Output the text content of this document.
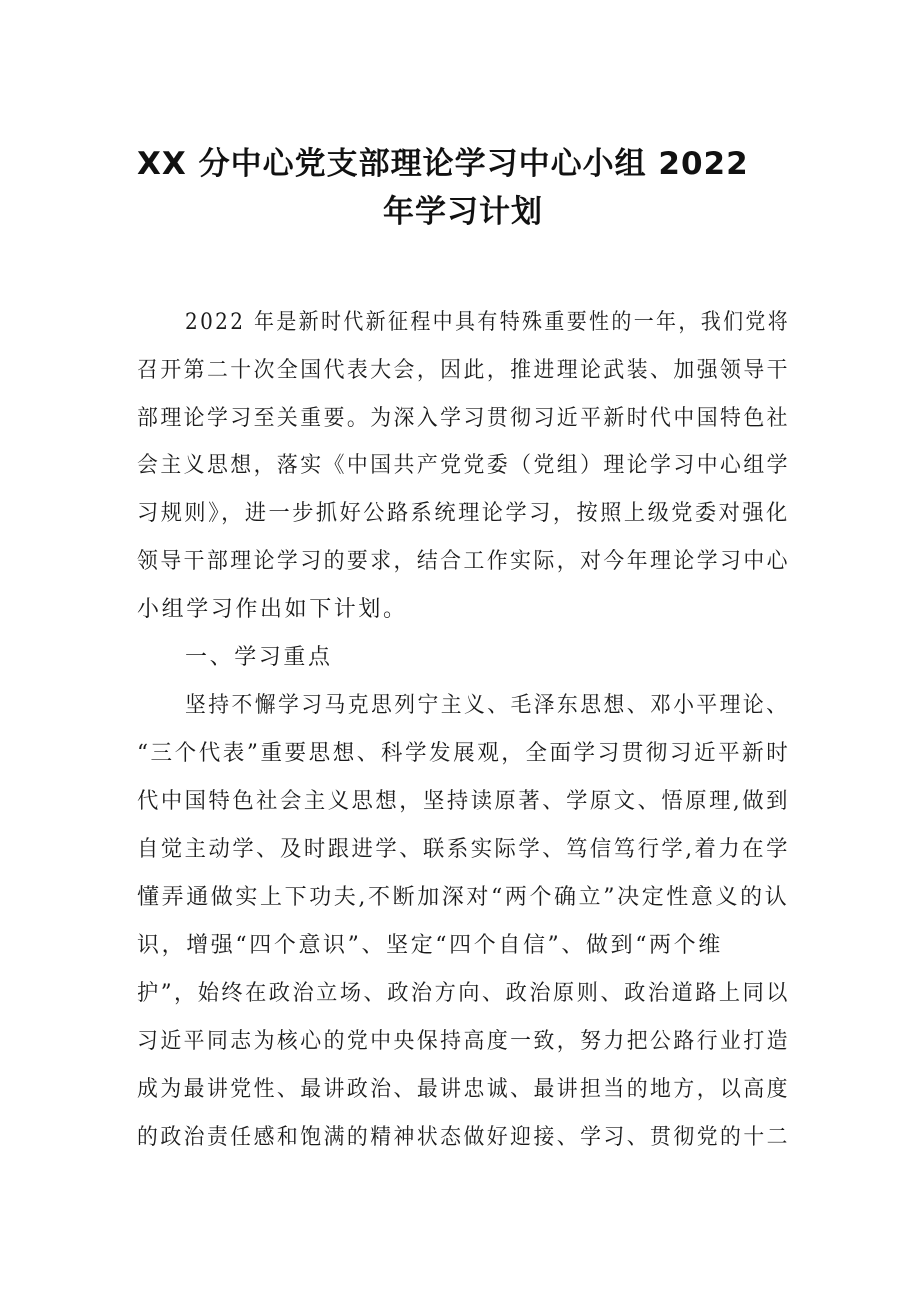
XX 分中心党支部理论学习中心小组 2022
年学习计划
2022 年是新时代新征程中具有特殊重要性的一年，我们党将
召开第二十次全国代表大会，因此，推进理论武装、加强领导干
部理论学习至关重要。为深入学习贯彻习近平新时代中国特色社
会主义思想，落实《中国共产党党委（党组）理论学习中心组学
习规则》，进一步抓好公路系统理论学习，按照上级党委对强化
领导干部理论学习的要求，结合工作实际，对今年理论学习中心
小组学习作出如下计划。
一、学习重点
坚持不懈学习马克思列宁主义、毛泽东思想、邓小平理论、
“三个代表”重要思想、科学发展观，全面学习贯彻习近平新时
代中国特色社会主义思想，坚持读原著、学原文、悟原理,做到
自觉主动学、及时跟进学、联系实际学、笃信笃行学,着力在学
懂弄通做实上下功夫,不断加深对“两个确立”决定性意义的认
识，增强“四个意识”、坚定“四个自信”、做到“两个维
护”，始终在政治立场、政治方向、政治原则、政治道路上同以
习近平同志为核心的党中央保持高度一致，努力把公路行业打造
成为最讲党性、最讲政治、最讲忠诚、最讲担当的地方，以高度
的政治责任感和饱满的精神状态做好迎接、学习、贯彻党的十二
